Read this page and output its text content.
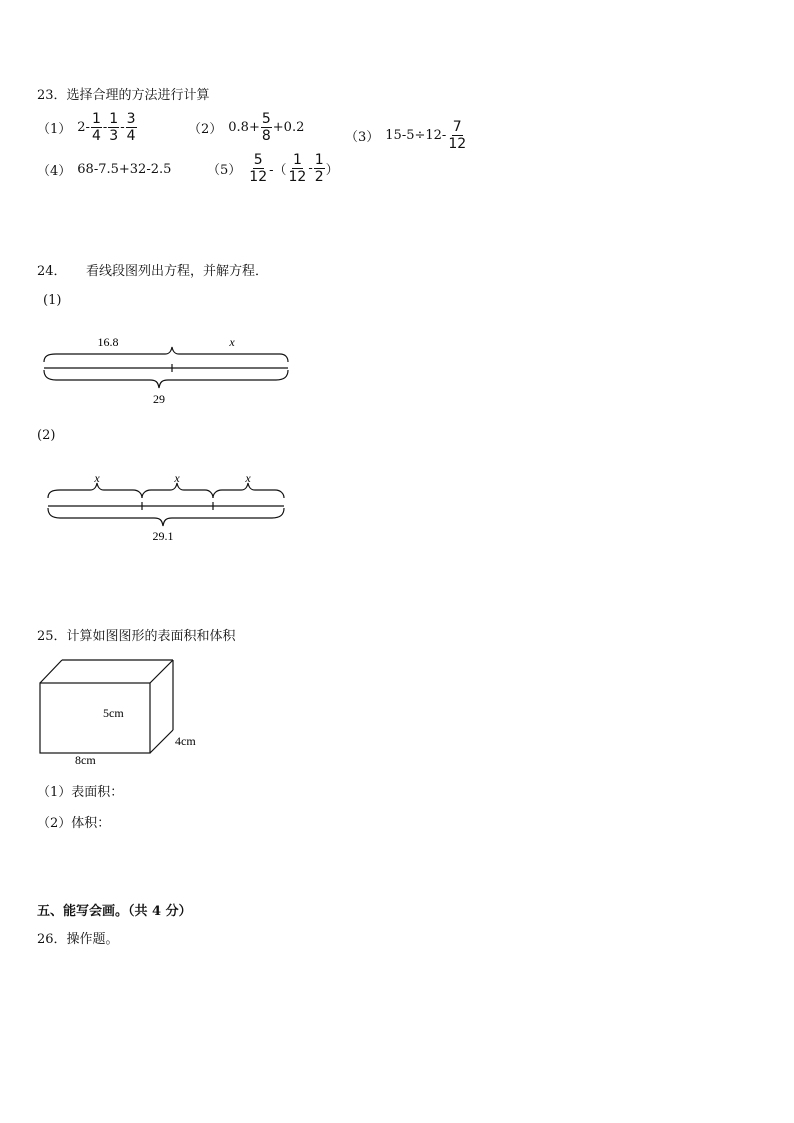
23．选择合理的方法进行计算
（1） $2- \frac{1}{4} - \frac{1}{3} - \frac{3}{4}$	（2） $0.8+ \frac{5}{8} +0.2$
（3） $15-5\div 12- \frac{7}{12}$
（4） 68-7.5+32-2.5	$(5) \frac{5}{12}$ -（ $\frac{1}{12} - \frac{1}{2}$ ）
24．　　看线段图列出方程，并解方程．
(1)
16.8	x
29
(2)
x	x	x
29.1
25．计算如图图形的表面积和体积
5cm
4cm
8cm
（1）表面积：
（2）体积：
五、能写会画。（共 4 分）
26．操作题。
